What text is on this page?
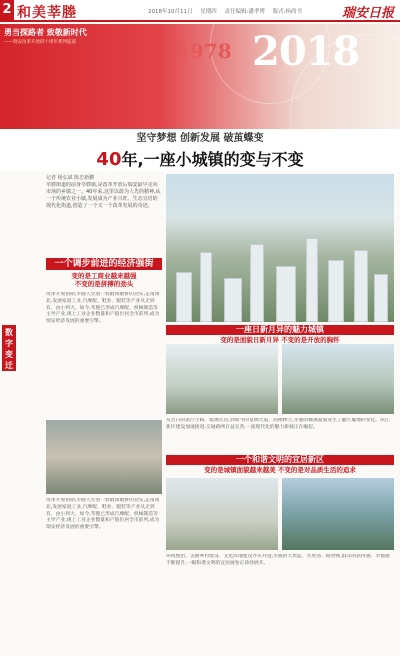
2 和美莘塍	2018年10月11日 星期四 责任编辑:潘孝博 版式:杨尚书	瑞安日报
勇当探路者 致敬新时代
——瑞安改革开放四十周年系列报道	1978 2018
坚守梦想 创新发展 破茧蝶变
40年,一座小城镇的变与不变
记者 杨弘斌 陈忠新鹏
莘塍街道的前身莘塍镇,是改革开放后瑞安最早走向市场的乡镇之一。40年来,这里以敢为人先的精神,从一个传统农业小镇,发展成为产业兴旺、生态宜居的现代化街道,创造了一个又一个改革发展的奇迹。
一个调步前进的经济强街
变的是工商业越来越强
不变的是拼搏的劲头
改革开放初期,莘塍人凭着一股敢闯敢拼的劲头,走南闯北,发展家庭工业,汽摩配、鞋业、服装等产业从无到有、由小到大。如今,莘塍已形成汽摩配、机械制造等主导产业,规上工业企业数量和产值位居全市前列,成为瑞安经济发展的重要引擎。
数字变迁
改革开放初期,莘塍人凭着一股敢闯敢拼的劲头,走南闯北,发展家庭工业,汽摩配、鞋业、服装等产业从无到有、由小到大。如今,莘塍已形成汽摩配、机械制造等主导产业,规上工业企业数量和产值位居全市前列,成为瑞安经济发展的重要引擎。
一座日新月异的魅力城镇
变的是面貌日新月异 不变的是开放的胸怀
从昔日的泥泞小路、低矮瓦房,到如今的宽阔大道、高楼林立,莘塍的城镇面貌发生了翻天覆地的变化。滨江新区建设加速推进,交通路网日益完善,一座现代化的魅力新城正在崛起。
一个和谐文明的宜居新区
变的是城镇面貌越来越美 不变的是对品质生活的追求
环境整治、美丽乡村建设、文化阵地建设齐头并进,莘塍的天更蓝、水更清、路更畅,群众的获得感、幸福感不断提升,一幅和谐文明的宜居画卷正徐徐展开。
